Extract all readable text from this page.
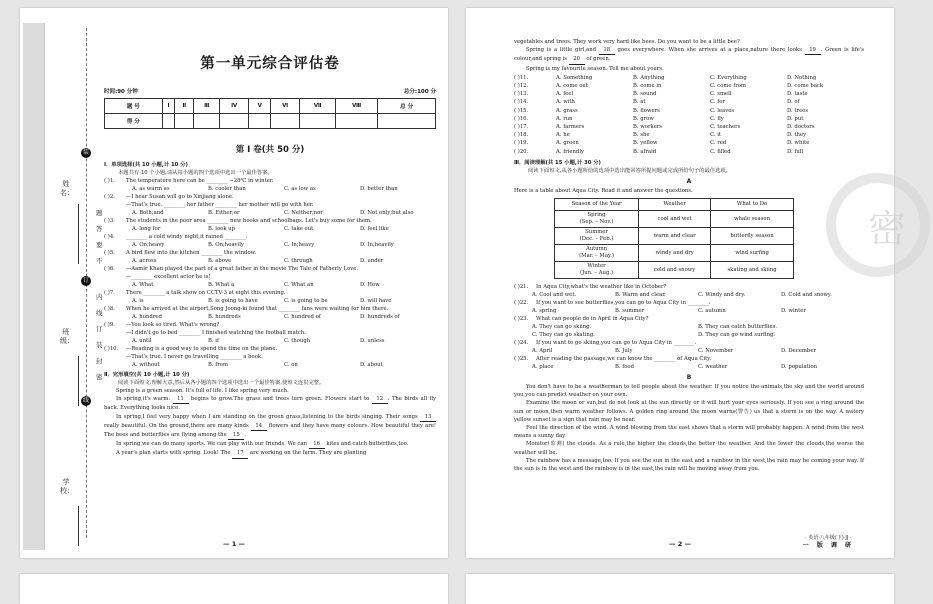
装
订
线
姓名：
班级：
学校：
题
答
要
不
内
线
订
装
封
密
第一单元综合评估卷
时间:90 分钟	总分:100 分
题 号	Ⅰ	Ⅱ	Ⅲ	Ⅳ	Ⅴ	Ⅵ	Ⅶ	Ⅷ	总 分
得 分									
第 I 卷(共 50 分)
Ⅰ．单项选择(共 10 小题,计 10 分)
本题共有 10 个小题,请从每小题的四个选项中选出一个最佳答案。
( )1.	The temperature here can be ________ −28℃ in winter.
A. as warm as	B. cooler than	C. as low as	D. better than
( )2.	—I hear Susan will go to Xinjiang alone.
—That's true. ________ her father ________ her mother will go with her.
A. Both;and	B. Either;or	C. Neither;nor	D. Not only;but also
( )3.	The students in the poor area ________ new books and schoolbags. Let's buy some for them.
A. long for	B. look up	C. take out	D. feel like
( )4.	________ a cold windy night,it rained ________.
A. On;heavy	B. On;heavily	C. In;heavy	D. In;heavily
( )5.	A bird flew into the kitchen ________ the window.
A. across	B. above	C. through	D. under
( )6.	—Aamir Khan played the part of a great father in the movie The Tale of Fatherly Love.
—________ excellent actor he is!
A. What	B. What a	C. What an	D. How
( )7.	There ________ a talk show on CCTV-3 at eight this evening.
A. is	B. is going to have	C. is going to be	D. will have
( )8.	When he arrived at the airport,Song Joong-ki found that ________ fans were waiting for him there.
A. hundred	B. hundreds	C. hundred of	D. hundreds of
( )9.	—You look so tired. What's wrong?
—I didn't go to bed ________ I finished watching the football match.
A. until	B. if	C. though	D. unless
( )10.	—Reading is a good way to spend the time on the plane.
—That's true. I never go travelling ________ a book.
A. without	B. from	C. on	D. about
Ⅱ．完形填空(共 10 小题,计 10 分)
阅读下面短文,理解大意,然后从各小题的四个选项中选出一个最佳答案,使短文连贯完整。

Spring is a green season. It's full of life. I like spring very much.

In spring,it's warm. 11 begins to grow.The grass and trees turn green. Flowers start to 12 . The birds all fly back. Everything looks nice.

In spring,I feel very happy when I am standing on the green grass,listening to the birds singing. Their songs 13 really beautiful. On the ground,there are many kinds 14 flowers and they have many colours. How beautiful they are! The bees and butterflies are flying among the 15 .

In spring,we can do many sports. We can play with our friends. We can 16 kites and catch butterflies,too.

A year's plan starts with spring. Look! The 17 are working on the farm. They are planting

— 1 —
密

vegetables and trees. They work very hard like bees. Do you want to be a little bee?

Spring is a little girl,and 18 goes everywhere. When she arrives at a place,nature there looks 19 . Green is life's colour,and spring is 20 of green.

Spring is my favourite season. Tell me about yours.

( )11.	A. Something	B. Anything	C. Everything	D. Nothing
( )12.	A. come out	B. come in	C. come from	D. come back
( )13.	A. feel	B. sound	C. smell	D. taste
( )14.	A. with	B. at	C. for	D. of
( )15.	A. grass	B. flowers	C. leaves	D. trees
( )16.	A. run	B. grow	C. fly	D. put
( )17.	A. farmers	B. workers	C. teachers	D. doctors
( )18.	A. he	B. she	C. it	D. they
( )19.	A. green	B. yellow	C. red	D. white
( )20.	A. friendly	B. afraid	C. filled	D. full
Ⅲ．阅读理解(共 15 小题,计 30 分)
阅读下面短文,从各小题所给的选项中选出能回答所提问题或完成所给句子的最佳选项。
A
Here is a table about Aqua City. Read it and answer the questions.
Season of the Year	Weather	What to Do

Spring
(Sep. – Nov.)	cool and wet	whale season

Summer
(Dec. – Feb.)	warm and clear	butterfly season

Autumn
(Mar. – May.)	windy and dry	wind surfing

Winter
(Jun. – Aug.)	cold and snowy	skating and skiing
( )21.	In Aqua City,what's the weather like in October?
A. Cool and wet.	B. Warm and clear.	C. Windy and dry.	D. Cold and snowy.
( )22.	If you want to see butterflies,you can go to Aqua City in ________.
A. spring	B. summer	C. autumn	D. winter
( )23.	What can people do in April in Aqua City?
A. They can go skiing.	B. They can catch butterflies.
C. They can go skating.	D. They can go wind surfing.
( )24.	If you want to go skiing,you can go to Aqua City in ________.
A. April	B. July	C. November	D. December
( )25.	After reading the passage,we can know the ________ of Aqua City.
A. place	B. food	C. weather	D. population
B

You don't have to be a weatherman to tell people about the weather. If you notice the animals,the sky and the world around you,you can predict weather on your own.

Examine the moon or sun,but do not look at the sun directly or it will hurt your eyes seriously. If you see a ring around the sun or moon,then warm weather follows. A golden ring around the moon warns(警告) us that a storm is on the way. A watery yellow sunset is a sign that rain may be near.

Feel the direction of the wind. A wind blowing from the east shows that a storm will probably happen. A wind from the west means a sunny day.

Monitor(监测) the clouds. As a rule,the higher the clouds,the better the weather. And the lower the clouds,the worse the weather will be.

The rainbow has a message,too. If you see the sun in the east and a rainbow in the west,the rain may be coming your way. If the sun is in the west and the rainbow is in the east,the rain will be moving away from you.

— 2 —
· 英语·八年级(下)·JJ ·
一 版 调 研
